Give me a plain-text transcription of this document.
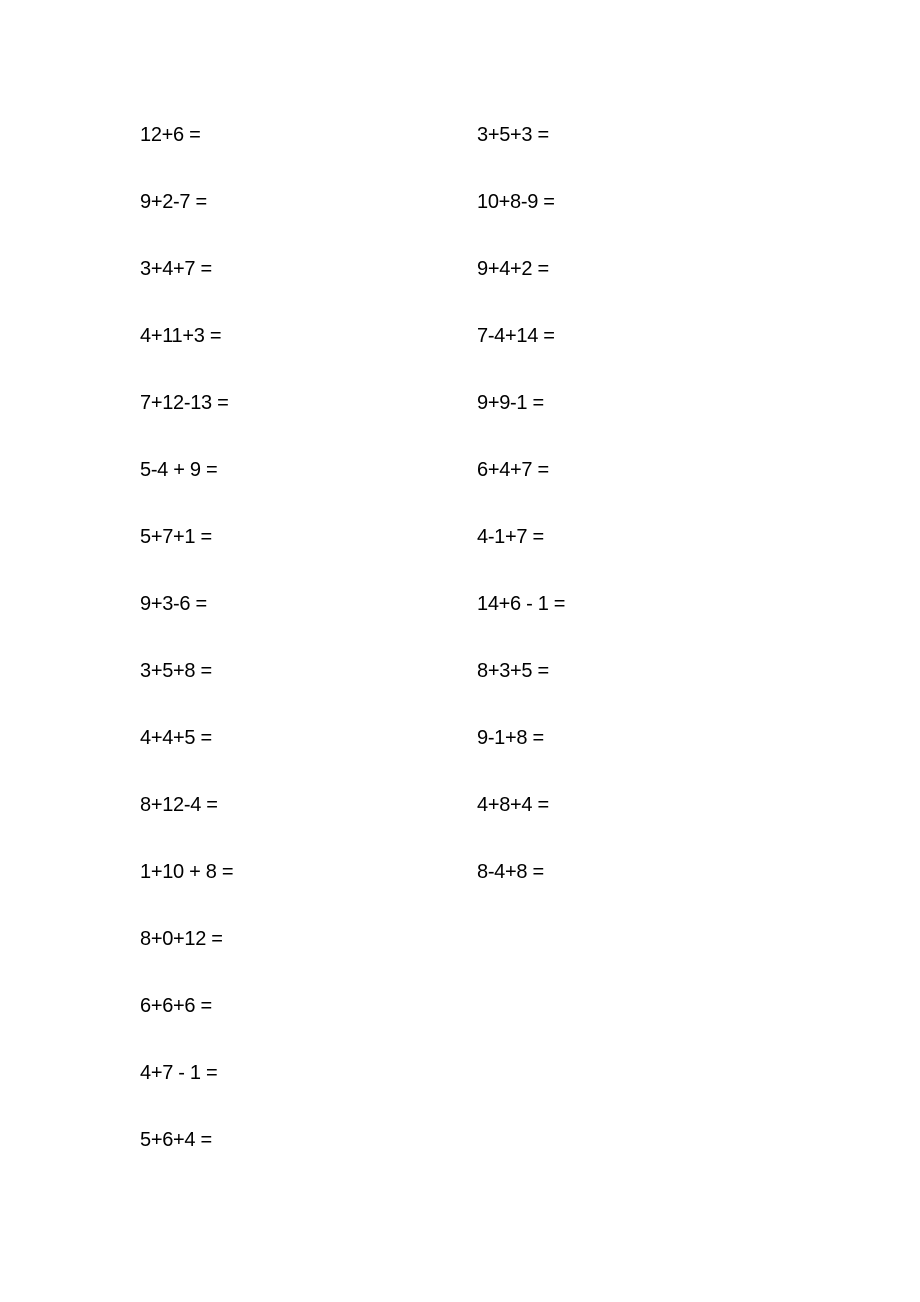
12+6 =
9+2-7 =
3+4+7 =
4+11+3 =
7+12-13 =
5-4 + 9 =
5+7+1 =
9+3-6 =
3+5+8 =
4+4+5 =
8+12-4 =
1+10 + 8 =
8+0+12 =
6+6+6 =
4+7 - 1 =
5+6+4 =
3+5+3 =
10+8-9 =
9+4+2 =
7-4+14 =
9+9-1 =
6+4+7 =
4-1+7 =
14+6 - 1 =
8+3+5 =
9-1+8 =
4+8+4 =
8-4+8 =
